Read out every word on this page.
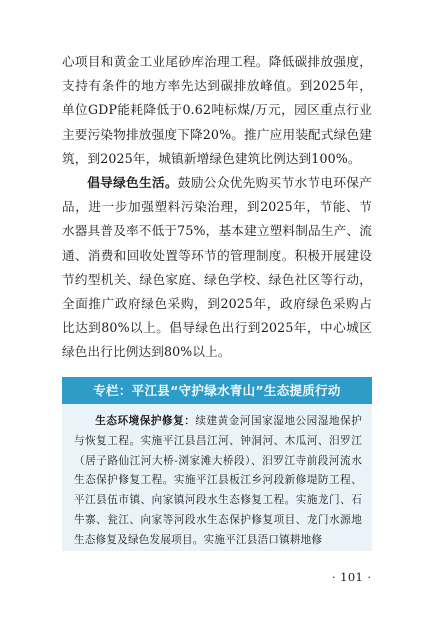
心项目和黄金工业尾砂库治理工程。降低碳排放强度，支持有条件的地方率先达到碳排放峰值。到2025年，单位GDP能耗降低于0.62吨标煤/万元，园区重点行业主要污染物排放强度下降20%。推广应用装配式绿色建筑，到2025年，城镇新增绿色建筑比例达到100%。

倡导绿色生活。鼓励公众优先购买节水节电环保产品，进一步加强塑料污染治理，到2025年，节能、节水器具普及率不低于75%，基本建立塑料制品生产、流通、消费和回收处置等环节的管理制度。积极开展建设节约型机关、绿色家庭、绿色学校、绿色社区等行动，全面推广政府绿色采购，到2025年，政府绿色采购占比达到80%以上。倡导绿色出行到2025年，中心城区绿色出行比例达到80%以上。

专栏：平江县“守护绿水青山”生态提质行动

生态环境保护修复：续建黄金河国家湿地公园湿地保护与恢复工程。实施平江县昌江河、钟洞河、木瓜河、汨罗江（居子路仙江河大桥-浏家滩大桥段）、汨罗江寺前段河流水生态保护修复工程。实施平江县板江乡河段新修堤防工程、平江县伍市镇、向家镇河段水生态修复工程。实施龙门、石牛寨、瓮江、向家等河段水生态保护修复项目、龙门水源地生态修复及绿色发展项目。实施平江县浯口镇耕地修

· 101 ·
